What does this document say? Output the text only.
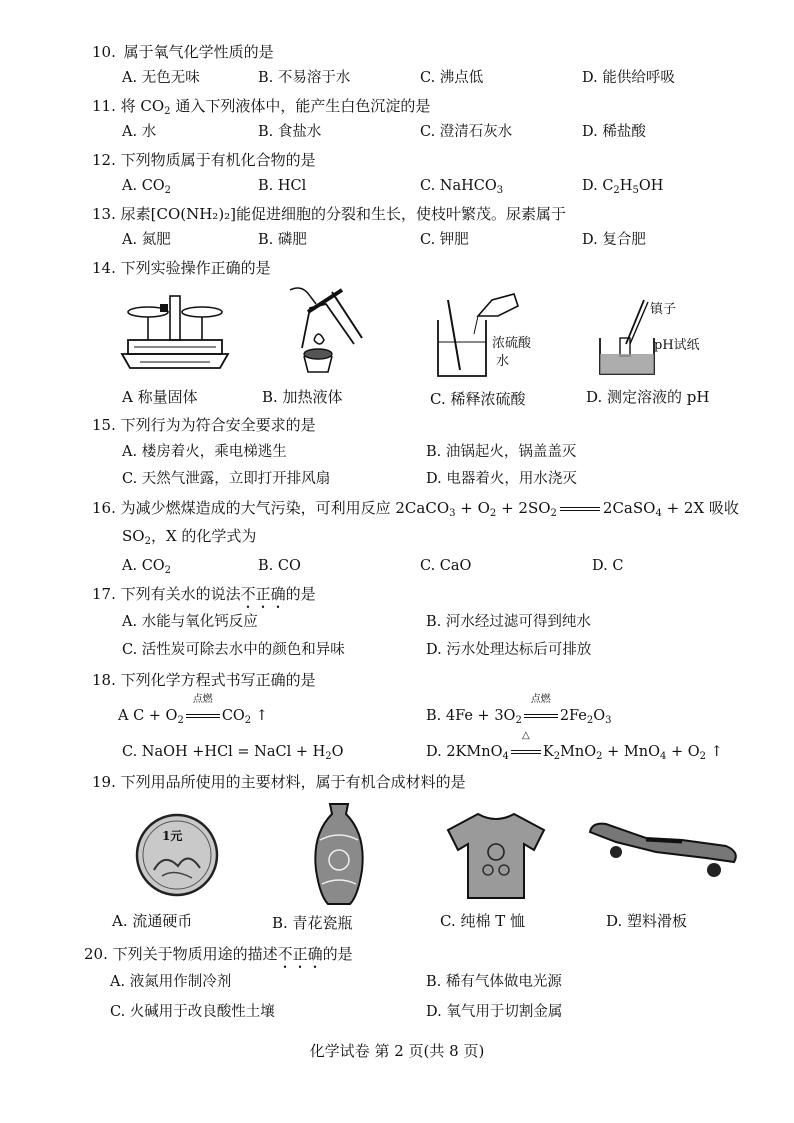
10.  属于氧气化学性质的是
A. 无色无味	B. 不易溶于水	C. 沸点低	D. 能供给呼吸
11. 将 $CO_2$ 通入下列液体中，能产生白色沉淀的是
A. 水	B. 食盐水	C. 澄清石灰水	D. 稀盐酸
12. 下列物质属于有机化合物的是
A. $CO_2$	B. HCl	C. NaHCO$_3$	D. $C_2H_5OH$
13. 尿素[CO(NH₂)₂]能促进细胞的分裂和生长，使枝叶繁茂。尿素属于
A. 氮肥	B. 磷肥	C. 钾肥	D. 复合肥
14. 下列实验操作正确的是
A 称量固体	B. 加热液体
浓硫酸
水
C. 稀释浓硫酸
镇子
pH试纸
D. 测定溶液的 pH
15. 下列行为为符合安全要求的是
A. 楼房着火，乘电梯逃生	B. 油锅起火，锅盖盖灭
C. 天然气泄露，立即打开排风扇	D. 电器着火，用水浇灭
16. 为减少燃煤造成的大气污染，可利用反应 2CaCO$_3$ + $O_2 + 2SO_2$	2CaSO$_4$ + 2X 吸收
$SO_2$，X 的化学式为
A. $CO_2$	B. CO	C. CaO	D. C
17. 下列有关水的说法不正确的是
A. 水能与氧化钙反应	B. 河水经过滤可得到纯水
C. 活性炭可除去水中的颜色和异味	D. 污水处理达标后可排放
18. 下列化学方程式书写正确的是
A $C + O_2$
点燃
$CO_2$ ↑	B. $4Fe + 3O_2$
点燃
$2Fe_2O_3$
C. NaOH +HCl = NaCl + $H_2O$	D. 2KMnO$_4$
△
$K_2MnO_2 + MnO_4 + O_2$ ↑
19. 下列用品所使用的主要材料，属于有机合成材料的是
1元
A. 流通硬币	B. 青花瓷瓶	C. 纯棉 T 恤	D. 塑料滑板
20. 下列关于物质用途的描述不正确的是
A. 液氮用作制冷剂	B. 稀有气体做电光源
C. 火碱用于改良酸性土壤	D. 氧气用于切割金属
化学试卷 第 2 页(共 8 页)
